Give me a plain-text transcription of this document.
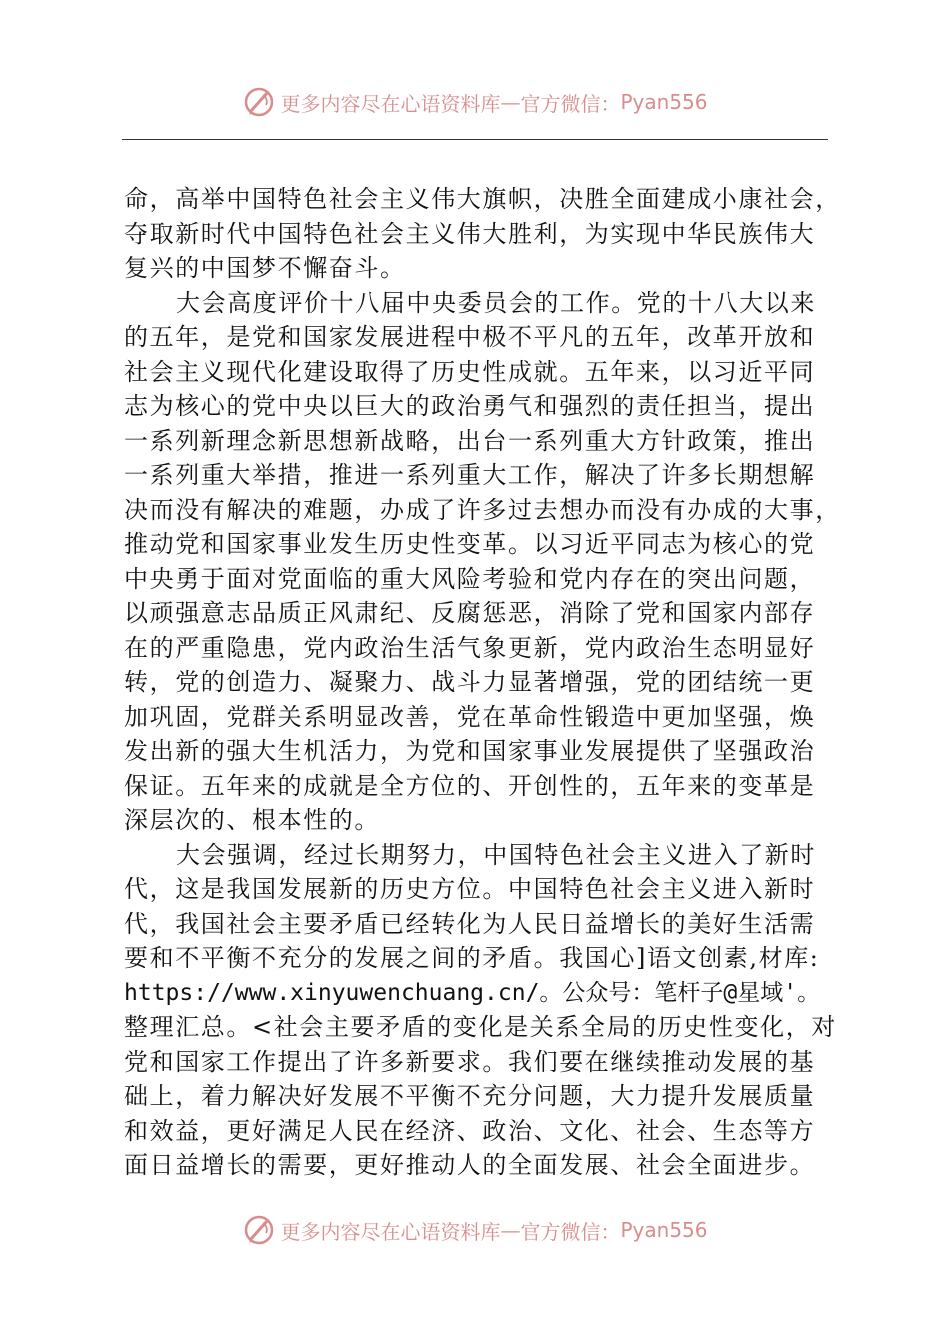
更多内容尽在心语资料库 — 官方微信： Pyan556
命，高举中国特色社会主义伟大旗帜，决胜全面建成小康社会，
夺取新时代中国特色社会主义伟大胜利，为实现中华民族伟大
复兴的中国梦不懈奋斗。
大会高度评价十八届中央委员会的工作。党的十八大以来
的五年，是党和国家发展进程中极不平凡的五年，改革开放和
社会主义现代化建设取得了历史性成就。五年来，以习近平同
志为核心的党中央以巨大的政治勇气和强烈的责任担当，提出
一系列新理念新思想新战略，出台一系列重大方针政策，推出
一系列重大举措，推进一系列重大工作，解决了许多长期想解
决而没有解决的难题，办成了许多过去想办而没有办成的大事，
推动党和国家事业发生历史性变革。以习近平同志为核心的党
中央勇于面对党面临的重大风险考验和党内存在的突出问题，
以顽强意志品质正风肃纪、反腐惩恶，消除了党和国家内部存
在的严重隐患，党内政治生活气象更新，党内政治生态明显好
转，党的创造力、凝聚力、战斗力显著增强，党的团结统一更
加巩固，党群关系明显改善，党在革命性锻造中更加坚强，焕
发出新的强大生机活力，为党和国家事业发展提供了坚强政治
保证。五年来的成就是全方位的、开创性的，五年来的变革是
深层次的、根本性的。
大会强调，经过长期努力，中国特色社会主义进入了新时
代，这是我国发展新的历史方位。中国特色社会主义进入新时
代，我国社会主要矛盾已经转化为人民日益增长的美好生活需
要和不平衡不充分的发展之间的矛盾。我国心]语文创素,材库:
https://www.xinyuwenchuang.cn/。公众号：笔杆子@星域'。
整理汇总。<社会主要矛盾的变化是关系全局的历史性变化，对
党和国家工作提出了许多新要求。我们要在继续推动发展的基
础上，着力解决好发展不平衡不充分问题，大力提升发展质量
和效益，更好满足人民在经济、政治、文化、社会、生态等方
面日益增长的需要，更好推动人的全面发展、社会全面进步。
更多内容尽在心语资料库 — 官方微信： Pyan556
